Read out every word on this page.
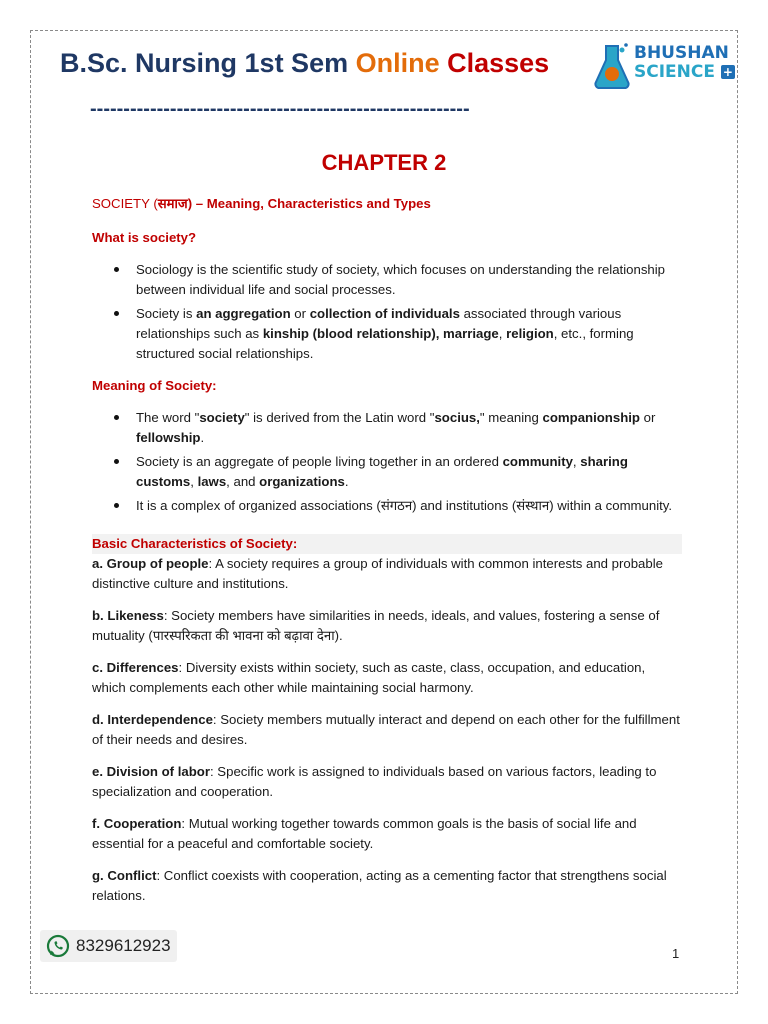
B.Sc. Nursing 1st Sem Online Classes	BHUSHAN
SCIENCE +
---------------------------------------------------------
CHAPTER 2

SOCIETY (समाज) – Meaning, Characteristics and Types

What is society?

Sociology is the scientific study of society, which focuses on understanding the relationship between individual life and social processes.
Society is an aggregation or collection of individuals associated through various relationships such as kinship (blood relationship), marriage, religion, etc., forming structured social relationships.

Meaning of Society:

The word "society" is derived from the Latin word "socius," meaning companionship or fellowship.
Society is an aggregate of people living together in an ordered community, sharing customs, laws, and organizations.
It is a complex of organized associations (संगठन) and institutions (संस्थान) within a community.

Basic Characteristics of Society:

a. Group of people: A society requires a group of individuals with common interests and probable distinctive culture and institutions.

b. Likeness: Society members have similarities in needs, ideals, and values, fostering a sense of mutuality (पारस्परिकता की भावना को बढ़ावा देना).

c. Differences: Diversity exists within society, such as caste, class, occupation, and education, which complements each other while maintaining social harmony.

d. Interdependence: Society members mutually interact and depend on each other for the fulfillment of their needs and desires.

e. Division of labor: Specific work is assigned to individuals based on various factors, leading to specialization and cooperation.

f. Cooperation: Mutual working together towards common goals is the basis of social life and essential for a peaceful and comfortable society.

g. Conflict: Conflict coexists with cooperation, acting as a cementing factor that strengthens social relations.

8329612923	1
